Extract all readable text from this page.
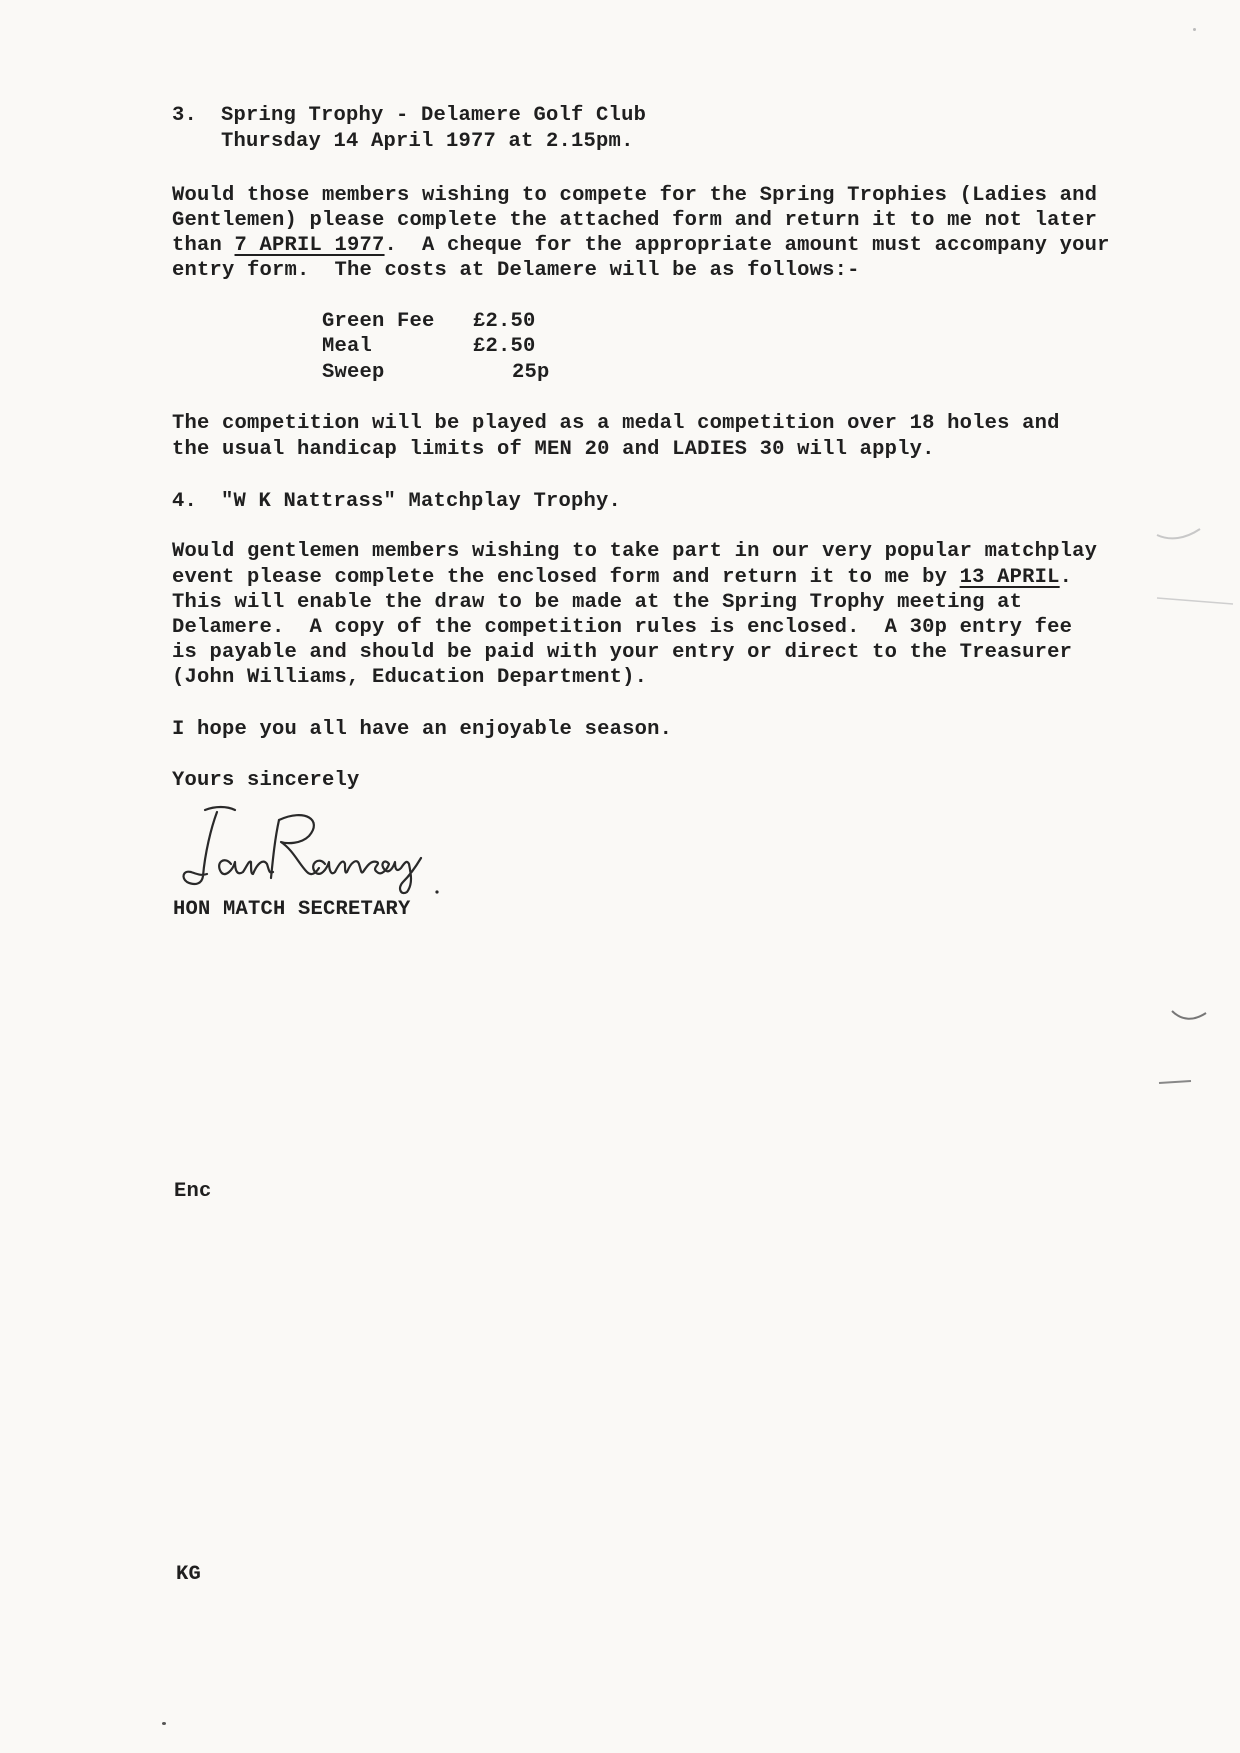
3. Spring Trophy - Delamere Golf Club
Thursday 14 April 1977 at 2.15pm.
Would those members wishing to compete for the Spring Trophies (Ladies and
Gentlemen) please complete the attached form and return it to me not later
than 7 APRIL 1977.  A cheque for the appropriate amount must accompany your
entry form.  The costs at Delamere will be as follows:-
Green Fee £2.50
Meal	£2.50
Sweep	25p
The competition will be played as a medal competition over 18 holes and
the usual handicap limits of MEN 20 and LADIES 30 will apply.
4. "W K Nattrass" Matchplay Trophy.
Would gentlemen members wishing to take part in our very popular matchplay
event please complete the enclosed form and return it to me by 13 APRIL.
This will enable the draw to be made at the Spring Trophy meeting at
Delamere.  A copy of the competition rules is enclosed.  A 30p entry fee
is payable and should be paid with your entry or direct to the Treasurer
(John Williams, Education Department).
I hope you all have an enjoyable season.
Yours sincerely
HON MATCH SECRETARY
Enc
KG
